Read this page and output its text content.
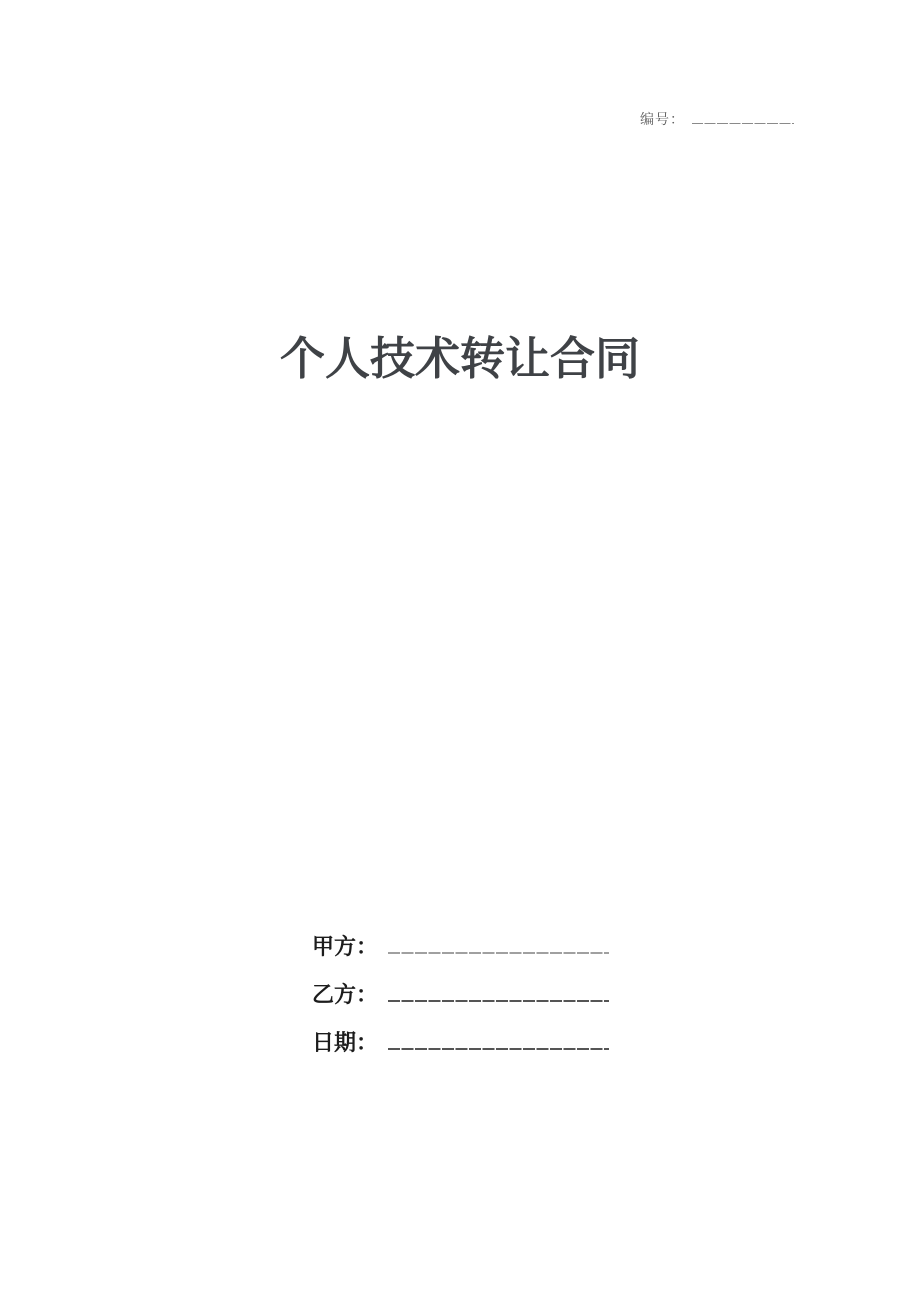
编号：
个人技术转让合同
甲方：
乙方：
日期：
